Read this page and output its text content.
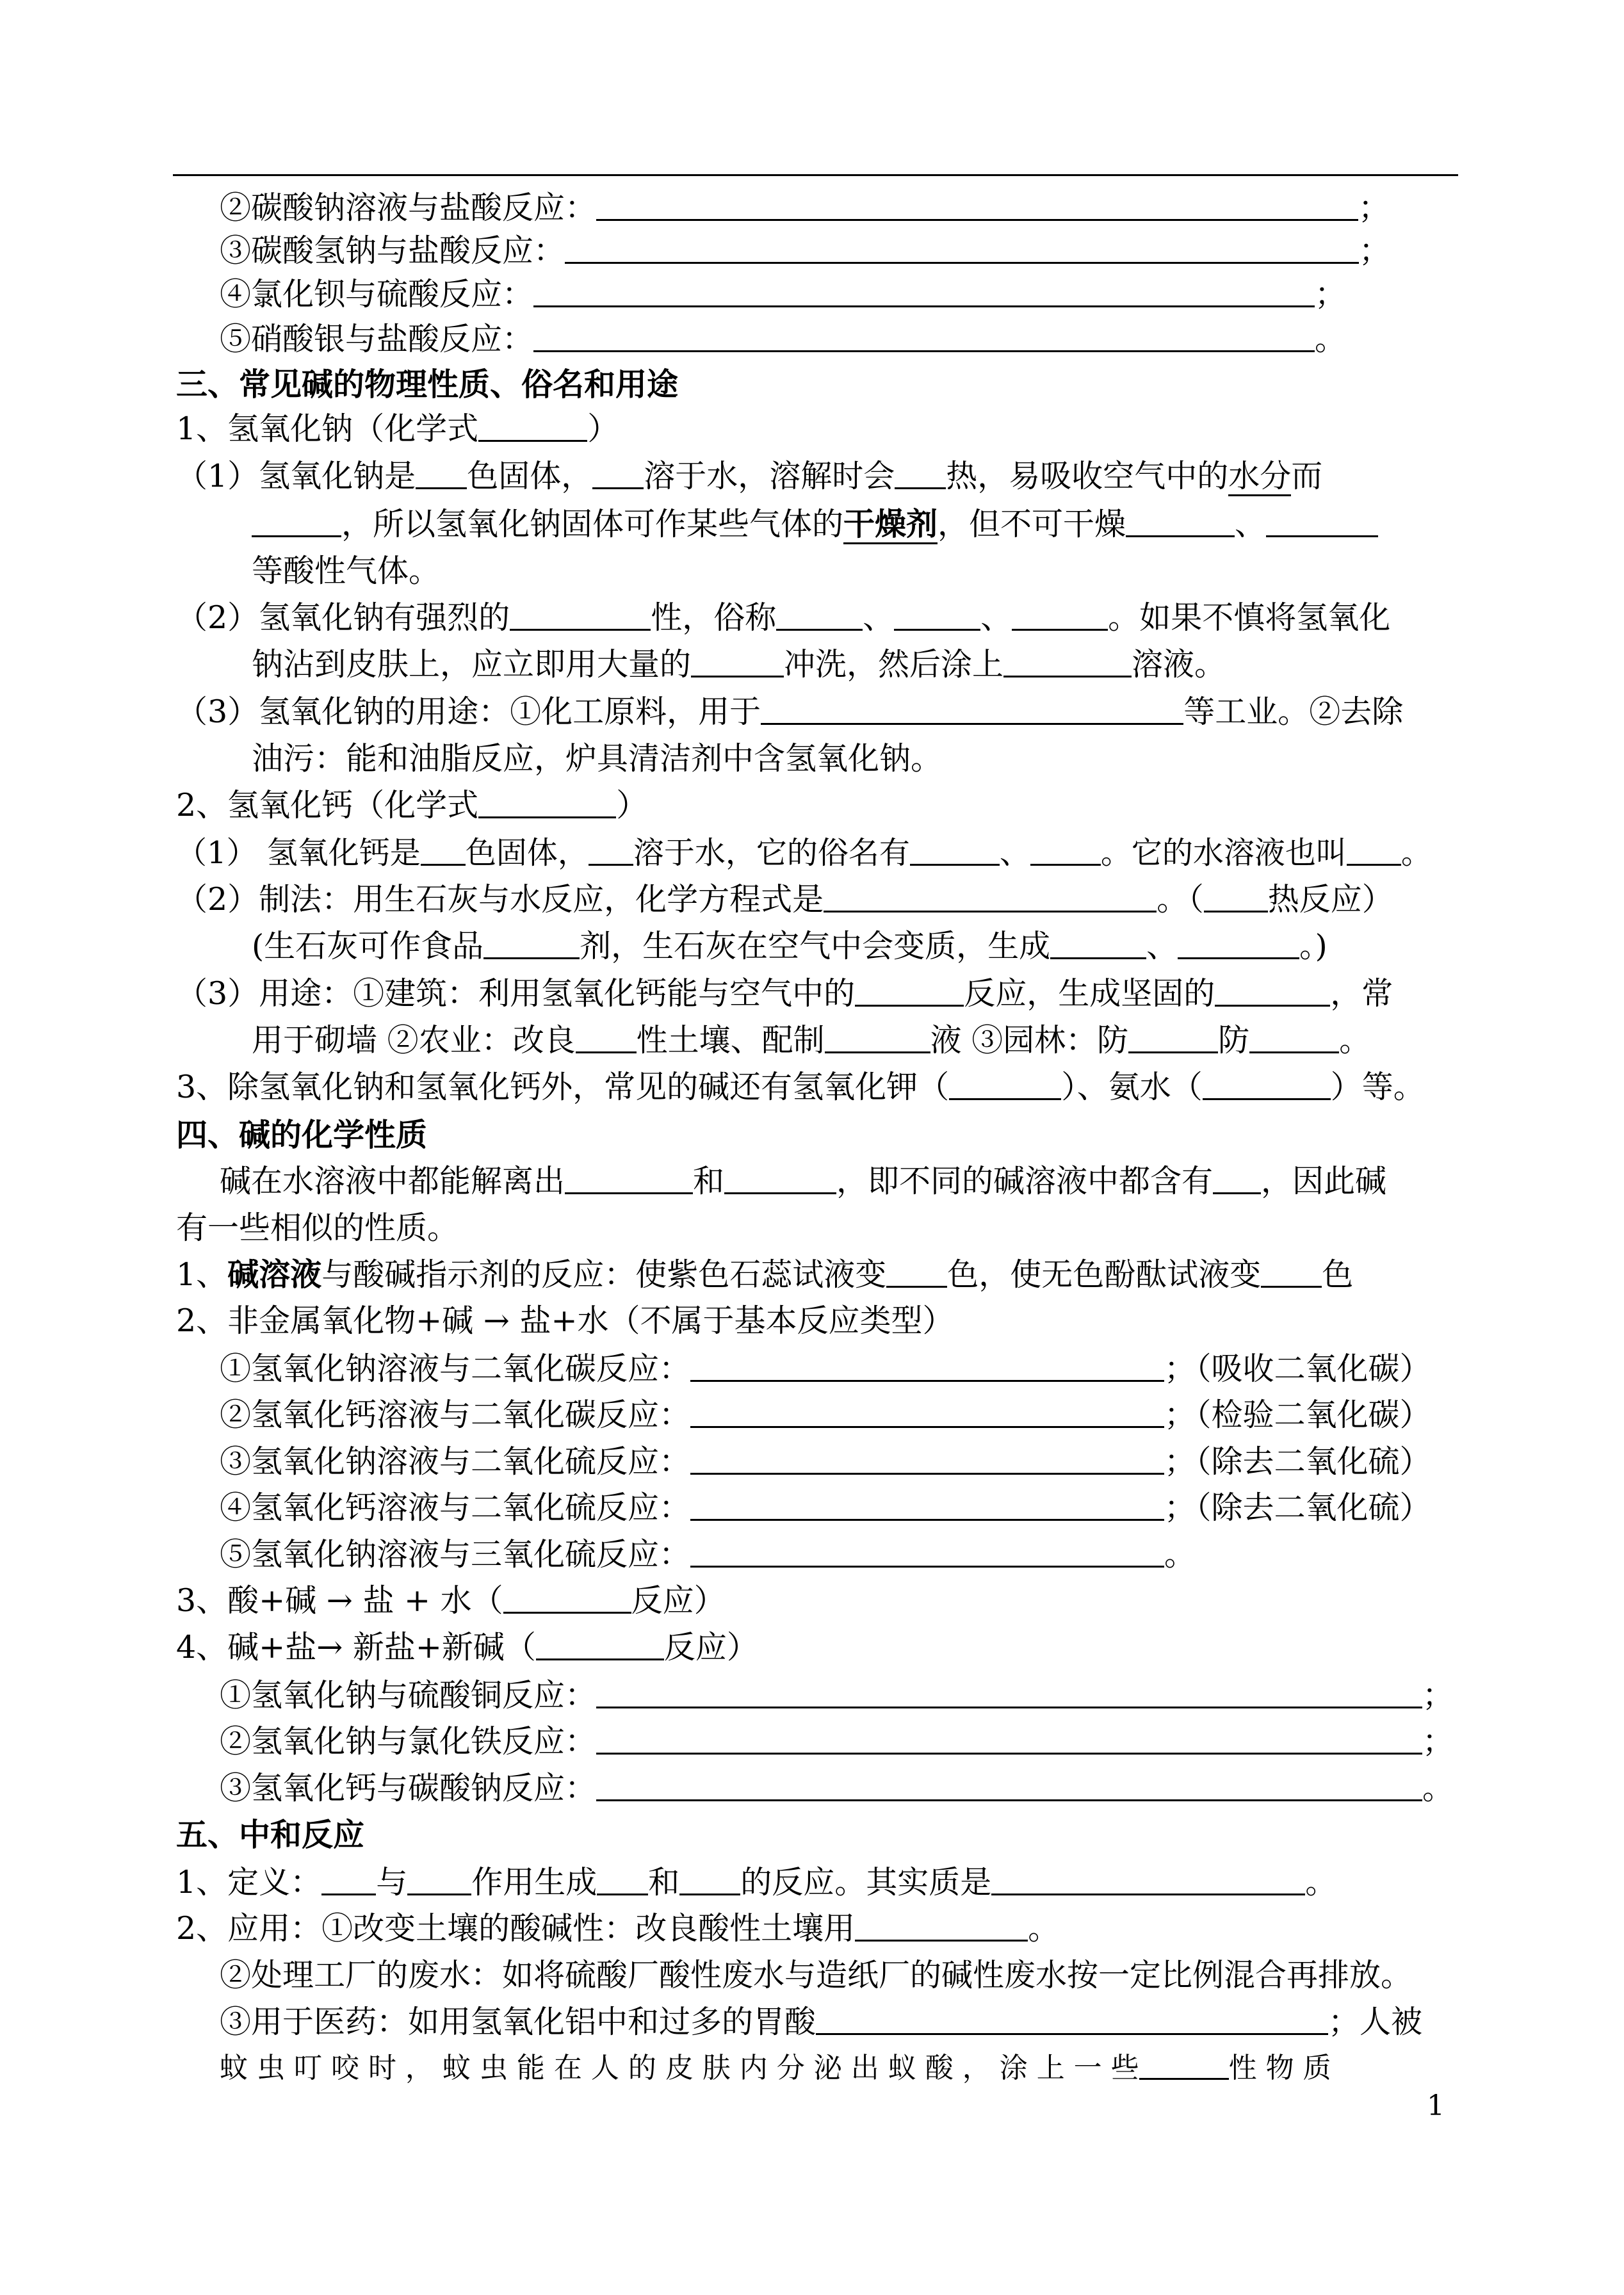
②碳酸钠溶液与盐酸反应：	；
③碳酸氢钠与盐酸反应：	；
④氯化钡与硫酸反应：	；
⑤硝酸银与盐酸反应：	。
三、常见碱的物理性质、俗名和用途
1、氢氧化钠（化学式	）
（1）氢氧化钠是 色固体， 溶于水，溶解时会 热，易吸收空气中的水分而
，所以氢氧化钠固体可作某些气体的干燥剂，但不可干燥	、
等酸性气体。
（2）氢氧化钠有强烈的	性，俗称	、	、	。如果不慎将氢氧化
钠沾到皮肤上，应立即用大量的	冲洗，然后涂上	溶液。
（3）氢氧化钠的用途：①化工原料，用于	等工业。②去除
油污：能和油脂反应，炉具清洁剂中含氢氧化钠。
2、氢氧化钙（化学式	）
（1） 氢氧化钙是 色固体， 溶于水，它的俗名有	、 。它的水溶液也叫 。
（2）制法：用生石灰与水反应，化学方程式是	。（ 热反应）
(生石灰可作食品	剂，生石灰在空气中会变质，生成	、	。)
（3）用途：①建筑：利用氢氧化钙能与空气中的	反应，生成坚固的	，常
用于砌墙 ②农业：改良 性土壤、配制	液 ③园林：防	防	。
3、除氢氧化钠和氢氧化钙外，常见的碱还有氢氧化钾（	）、氨水（	）等。
四、碱的化学性质
碱在水溶液中都能解离出	和	，即不同的碱溶液中都含有 ，因此碱
有一些相似的性质。
1、碱溶液与酸碱指示剂的反应：使紫色石蕊试液变 色，使无色酚酞试液变 色
2、非金属氧化物+碱 → 盐+水（不属于基本反应类型）
①氢氧化钠溶液与二氧化碳反应：	；（吸收二氧化碳）
②氢氧化钙溶液与二氧化碳反应：	；（检验二氧化碳）
③氢氧化钠溶液与二氧化硫反应：	；（除去二氧化硫）
④氢氧化钙溶液与二氧化硫反应：	；（除去二氧化硫）
⑤氢氧化钠溶液与三氧化硫反应：	。
3、酸+碱 → 盐 + 水（	反应）
4、碱+盐→ 新盐+新碱（	反应）
①氢氧化钠与硫酸铜反应：	；
②氢氧化钠与氯化铁反应：	；
③氢氧化钙与碳酸钠反应：	。
五、中和反应
1、定义： 与 作用生成 和 的反应。其实质是	。
2、应用：①改变土壤的酸碱性：改良酸性土壤用	。
②处理工厂的废水：如将硫酸厂酸性废水与造纸厂的碱性废水按一定比例混合再排放。
③用于医药：如用氢氧化铝中和过多的胃酸	；人被
蚊 虫 叮 咬 时 ， 蚊 虫 能 在 人 的 皮 肤 内 分 泌 出 蚁 酸 ， 涂 上 一 些	性 物 质
1
